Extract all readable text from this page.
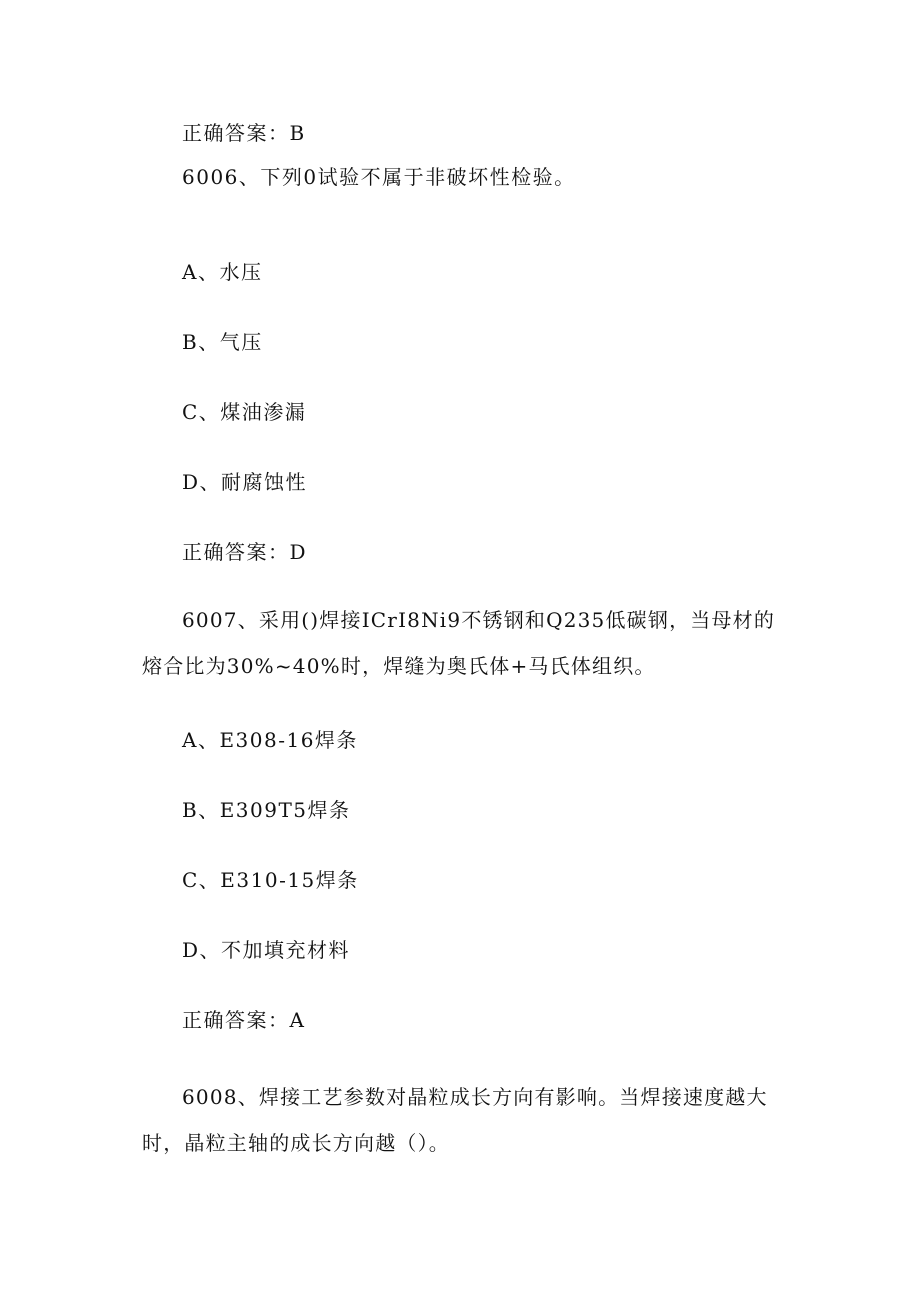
正确答案：B
6006、下列0试验不属于非破坏性检验。
A、水压
B、气压
C、煤油渗漏
D、耐腐蚀性
正确答案：D
6007、采用()焊接ICrI8Ni9不锈钢和Q235低碳钢，当母材的熔合比为30%~40%时，焊缝为奥氏体+马氏体组织。
A、E308-16焊条
B、E309T5焊条
C、E310-15焊条
D、不加填充材料
正确答案：A
6008、焊接工艺参数对晶粒成长方向有影响。当焊接速度越大时，晶粒主轴的成长方向越（）。
